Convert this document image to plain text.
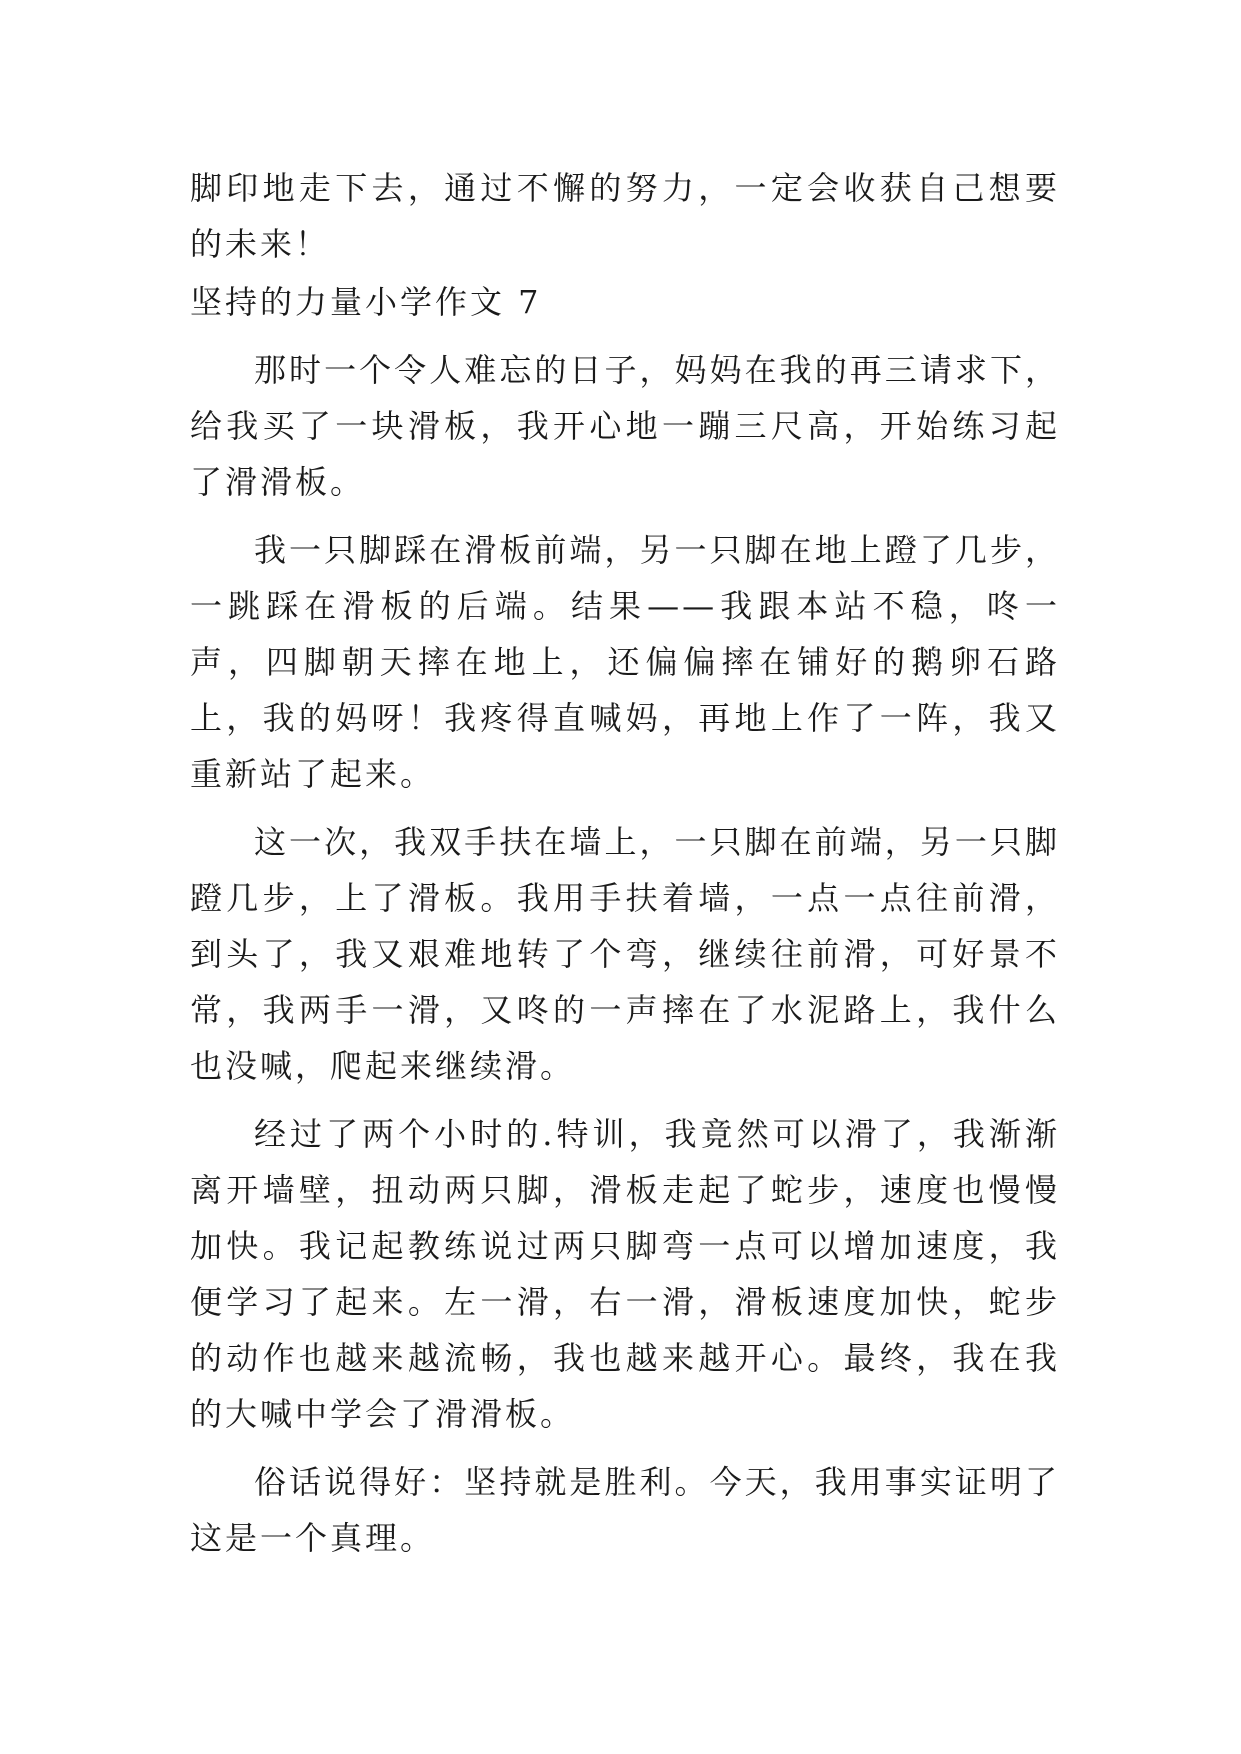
脚印地走下去，通过不懈的努力，一定会收获自己想要的未来！

坚持的力量小学作文 7

那时一个令人难忘的日子，妈妈在我的再三请求下，给我买了一块滑板，我开心地一蹦三尺高，开始练习起了滑滑板。

我一只脚踩在滑板前端，另一只脚在地上蹬了几步，一跳踩在滑板的后端。结果——我跟本站不稳，咚一声，四脚朝天摔在地上，还偏偏摔在铺好的鹅卵石路上，我的妈呀！我疼得直喊妈，再地上作了一阵，我又重新站了起来。

这一次，我双手扶在墙上，一只脚在前端，另一只脚蹬几步，上了滑板。我用手扶着墙，一点一点往前滑，到头了，我又艰难地转了个弯，继续往前滑，可好景不常，我两手一滑，又咚的一声摔在了水泥路上，我什么也没喊，爬起来继续滑。

经过了两个小时的.特训，我竟然可以滑了，我渐渐离开墙壁，扭动两只脚，滑板走起了蛇步，速度也慢慢加快。我记起教练说过两只脚弯一点可以增加速度，我便学习了起来。左一滑，右一滑，滑板速度加快，蛇步的动作也越来越流畅，我也越来越开心。最终，我在我的大喊中学会了滑滑板。

俗话说得好：坚持就是胜利。今天，我用事实证明了这是一个真理。
